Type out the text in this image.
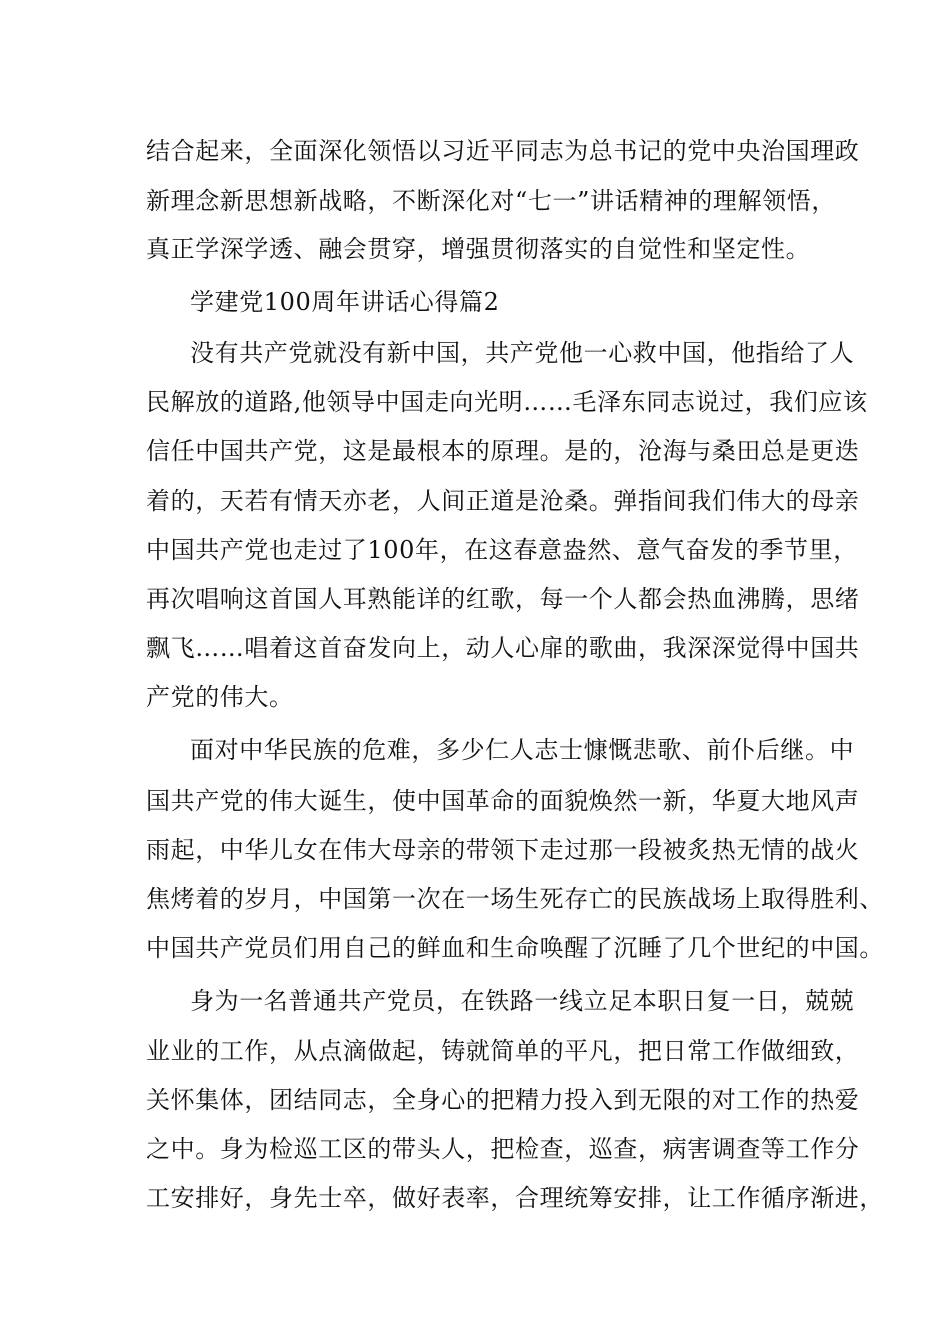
结合起来，全面深化领悟以习近平同志为总书记的党中央治国理政
新理念新思想新战略，不断深化对“七一”讲话精神的理解领悟，
真正学深学透、融会贯穿，增强贯彻落实的自觉性和坚定性。
学建党100周年讲话心得篇2
没有共产党就没有新中国，共产党他一心救中国，他指给了人
民解放的道路,他领导中国走向光明……毛泽东同志说过，我们应该
信任中国共产党，这是最根本的原理。是的，沧海与桑田总是更迭
着的，天若有情天亦老，人间正道是沧桑。弹指间我们伟大的母亲
中国共产党也走过了100年，在这春意盎然、意气奋发的季节里，
再次唱响这首国人耳熟能详的红歌，每一个人都会热血沸腾，思绪
飘飞……唱着这首奋发向上，动人心扉的歌曲，我深深觉得中国共
产党的伟大。
面对中华民族的危难，多少仁人志士慷慨悲歌、前仆后继。中
国共产党的伟大诞生，使中国革命的面貌焕然一新，华夏大地风声
雨起，中华儿女在伟大母亲的带领下走过那一段被炙热无情的战火
焦烤着的岁月，中国第一次在一场生死存亡的民族战场上取得胜利、
中国共产党员们用自己的鲜血和生命唤醒了沉睡了几个世纪的中国。
身为一名普通共产党员，在铁路一线立足本职日复一日，兢兢
业业的工作，从点滴做起，铸就简单的平凡，把日常工作做细致，
关怀集体，团结同志，全身心的把精力投入到无限的对工作的热爱
之中。身为检巡工区的带头人，把检查，巡查，病害调查等工作分
工安排好，身先士卒，做好表率，合理统筹安排，让工作循序渐进，
